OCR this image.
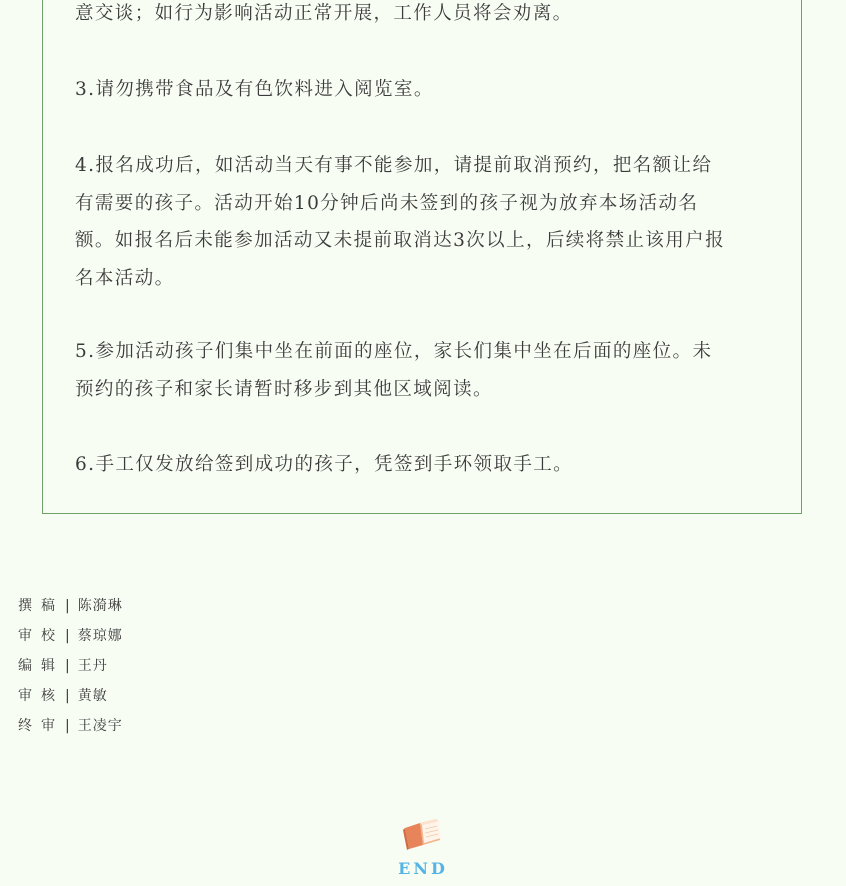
意交谈；如行为影响活动正常开展，工作人员将会劝离。

3.请勿携带食品及有色饮料进入阅览室。

4.报名成功后，如活动当天有事不能参加，请提前取消预约，把名额让给
有需要的孩子。活动开始10分钟后尚未签到的孩子视为放弃本场活动名
额。如报名后未能参加活动又未提前取消达3次以上，后续将禁止该用户报
名本活动。

5.参加活动孩子们集中坐在前面的座位，家长们集中坐在后面的座位。未
预约的孩子和家长请暂时移步到其他区域阅读。

6.手工仅发放给签到成功的孩子，凭签到手环领取手工。

撰稿| 陈漪琳
审校| 蔡琼娜
编辑| 王丹
审核| 黄敏
终审| 王凌宇
END
